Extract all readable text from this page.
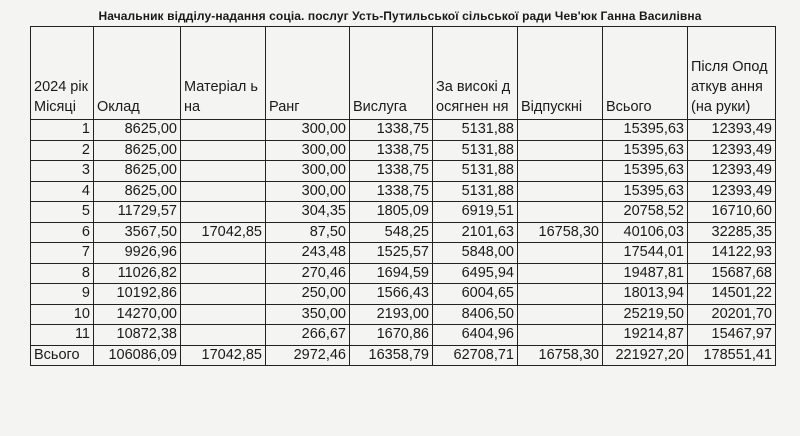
Начальник відділу-надання соціа. послуг Усть-Путильської сільської ради Чев'юк Ганна Василівна
2024 рік Місяці	Оклад	Матеріал ьна	Ранг	Вислуга	За високі досягнен ня	Відпускні	Всього	Після Оподаткув ання(на руки)
1	8625,00		300,00	1338,75	5131,88		15395,63	12393,49
2	8625,00		300,00	1338,75	5131,88		15395,63	12393,49
3	8625,00		300,00	1338,75	5131,88		15395,63	12393,49
4	8625,00		300,00	1338,75	5131,88		15395,63	12393,49
5	11729,57		304,35	1805,09	6919,51		20758,52	16710,60
6	3567,50	17042,85	87,50	548,25	2101,63	16758,30	40106,03	32285,35
7	9926,96		243,48	1525,57	5848,00		17544,01	14122,93
8	11026,82		270,46	1694,59	6495,94		19487,81	15687,68
9	10192,86		250,00	1566,43	6004,65		18013,94	14501,22
10	14270,00		350,00	2193,00	8406,50		25219,50	20201,70
11	10872,38		266,67	1670,86	6404,96		19214,87	15467,97
Всього	106086,09	17042,85	2972,46	16358,79	62708,71	16758,30	221927,20	178551,41
